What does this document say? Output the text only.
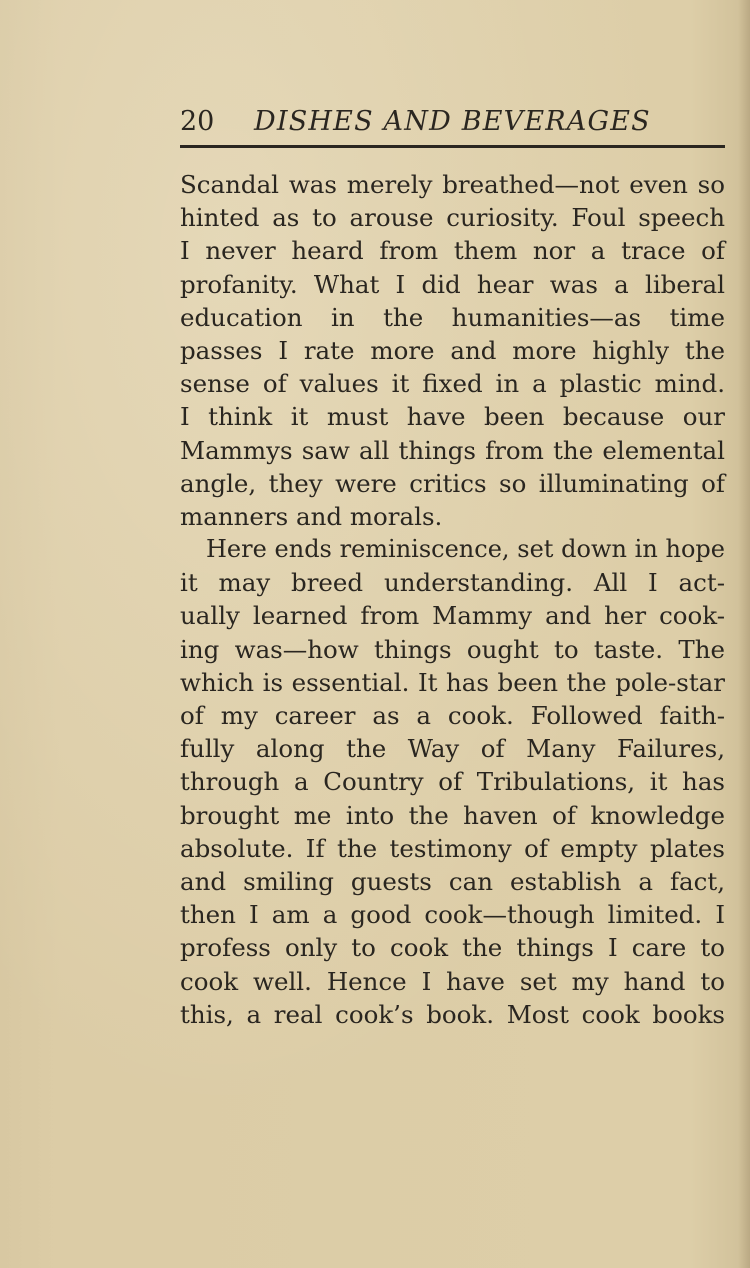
20 DISHES AND BEVERAGES
Scandal was merely breathed—not even so
hinted as to arouse curiosity. Foul speech
I never heard from them nor a trace of
profanity. What I did hear was a liberal
education in the humanities—as time
passes I rate more and more highly the
sense of values it fixed in a plastic mind.
I think it must have been because our
Mammys saw all things from the elemental
angle, they were critics so illuminating of
manners and morals.
Here ends reminiscence, set down in hope
it may breed understanding. All I act-
ually learned from Mammy and her cook-
ing was—how things ought to taste. The
which is essential. It has been the pole-star
of my career as a cook. Followed faith-
fully along the Way of Many Failures,
through a Country of Tribulations, it has
brought me into the haven of knowledge
absolute. If the testimony of empty plates
and smiling guests can establish a fact,
then I am a good cook—though limited. I
profess only to cook the things I care to
cook well. Hence I have set my hand to
this, a real cook’s book. Most cook books
